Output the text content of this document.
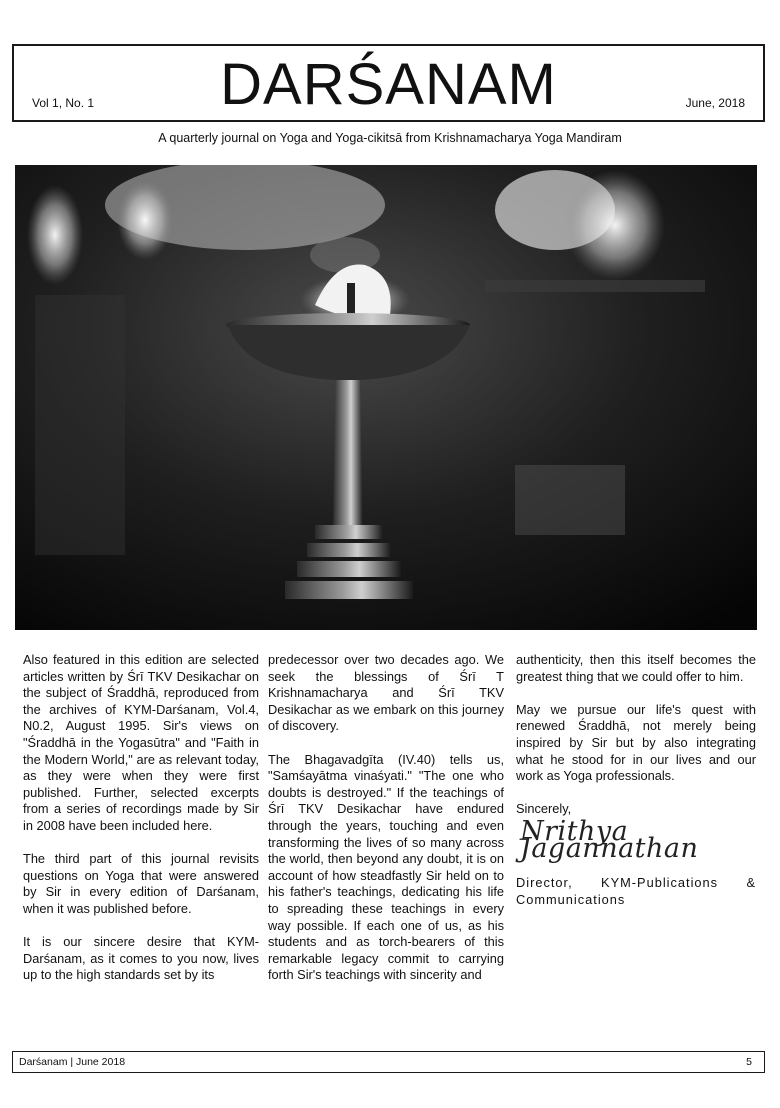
Vol 1, No. 1	DARŚANAM	June, 2018
A quarterly journal on Yoga and Yoga-cikitsā from Krishnamacharya Yoga Mandiram

Also featured in this edition are selected articles written by Śrī TKV Desikachar on the subject of Śraddhā, reproduced from the archives of KYM-Darśanam, Vol.4, N0.2, August 1995. Sir's views on "Śraddhā in the Yogasūtra" and "Faith in the Modern World," are as relevant today, as they were when they were first published. Further, selected excerpts from a series of recordings made by Sir in 2008 have been included here.

The third part of this journal revisits questions on Yoga that were answered by Sir in every edition of Darśanam, when it was published before.

It is our sincere desire that KYM-Darśanam, as it comes to you now, lives up to the high standards set by its

predecessor over two decades ago. We seek the blessings of Śrī T Krishnamacharya and Śrī TKV Desikachar as we embark on this journey of discovery.

The Bhagavadgīta (IV.40) tells us, "Samśayātma vinaśyati." "The one who doubts is destroyed." If the teachings of Śrī TKV Desikachar have endured through the years, touching and even transforming the lives of so many across the world, then beyond any doubt, it is on account of how steadfastly Sir held on to his father's teachings, dedicating his life to spreading these teachings in every way possible. If each one of us, as his students and as torch-bearers of this remarkable legacy commit to carrying forth Sir's teachings with sincerity and

authenticity, then this itself becomes the greatest thing that we could offer to him.

May we pursue our life's quest with renewed Śraddhā, not merely being inspired by Sir but by also integrating what he stood for in our lives and our work as Yoga professionals.

Sincerely,

Nrithya Jagannathan

Director, KYM-Publications & Communications

Darśanam | June 2018	5
